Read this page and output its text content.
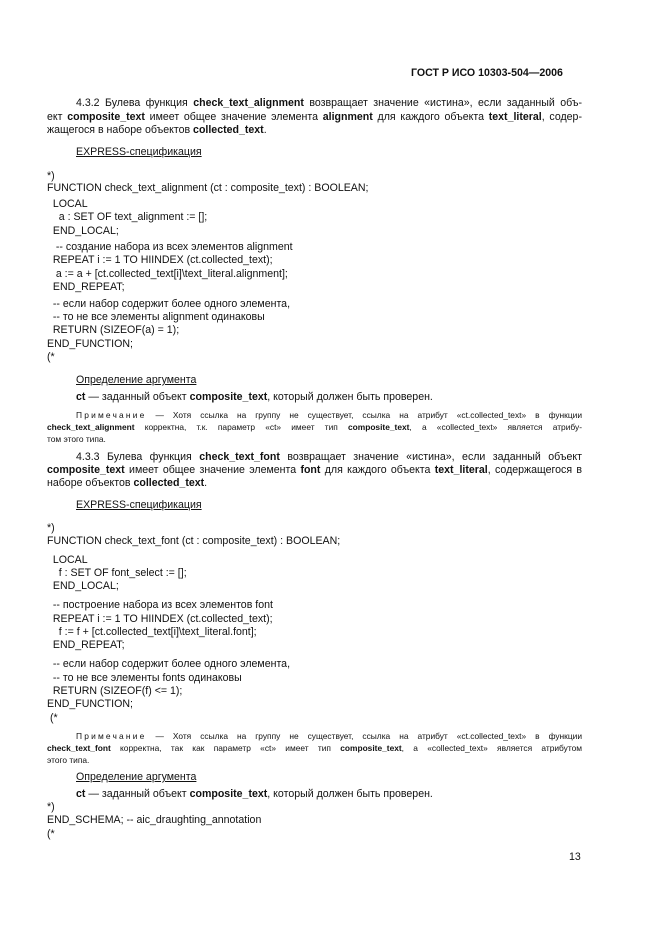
ГОСТ Р ИСО 10303-504—2006
4.3.2 Булева функция check_text_alignment возвращает значение «истина», если заданный объ-
ект composite_text имеет общее значение элемента alignment для каждого объекта text_literal, содер-
жащегося в наборе объектов collected_text.
EXPRESS-спецификация
*)
FUNCTION check_text_alignment (ct : composite_text) : BOOLEAN;
LOCAL
a : SET OF text_alignment := [];
END_LOCAL;
-- создание набора из всех элементов alignment
REPEAT i := 1 TO HIINDEX (ct.collected_text);
a := a + [ct.collected_text[i]\text_literal.alignment];
END_REPEAT;
-- если набор содержит более одного элемента,
-- то не все элементы alignment одинаковы
RETURN (SIZEOF(a) = 1);
END_FUNCTION;
(*
Определение аргумента
ct — заданный объект composite_text, который должен быть проверен.
Примечание — Хотя ссылка на группу не существует, ссылка на атрибут «ct.collected_text» в функции
check_text_alignment корректна, т.к. параметр «ct» имеет тип composite_text, а «collected_text» является атрибу-
том этого типа.
4.3.3 Булева функция check_text_font возвращает значение «истина», если заданный объект
composite_text имеет общее значение элемента font для каждого объекта text_literal, содержащегося в
наборе объектов collected_text.
EXPRESS-спецификация
*)
FUNCTION check_text_font (ct : composite_text) : BOOLEAN;
LOCAL
f : SET OF font_select := [];
END_LOCAL;
-- построение набора из всех элементов font
REPEAT i := 1 TO HIINDEX (ct.collected_text);
f := f + [ct.collected_text[i]\text_literal.font];
END_REPEAT;
-- если набор содержит более одного элемента,
-- то не все элементы fonts одинаковы
RETURN (SIZEOF(f) <= 1);
END_FUNCTION;
(*
Примечание — Хотя ссылка на группу не существует, ссылка на атрибут «ct.collected_text» в функции
check_text_font корректна, так как параметр «ct» имеет тип composite_text, а «collected_text» является атрибутом
этого типа.
Определение аргумента
ct — заданный объект composite_text, который должен быть проверен.
*)
END_SCHEMA; -- aic_draughting_annotation
(*
13
